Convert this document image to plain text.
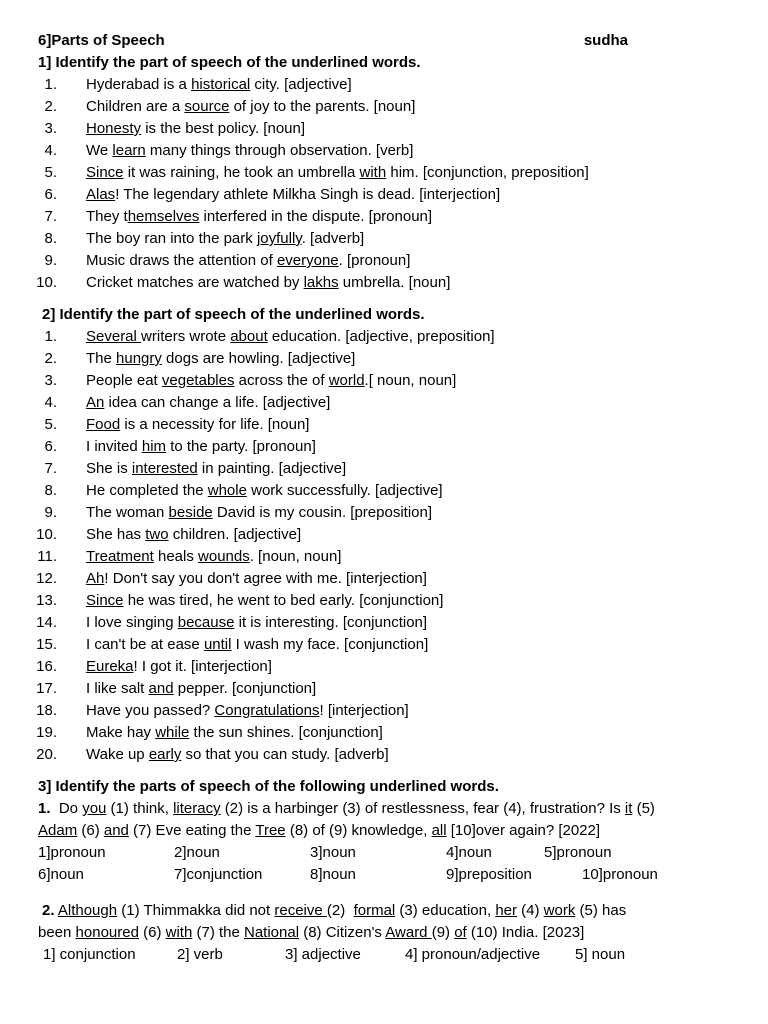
6]Parts of Speech	sudha
1] Identify the part of speech of the underlined words.
1. Hyderabad is a historical city. [adjective]
2. Children are a source of joy to the parents. [noun]
3. Honesty is the best policy. [noun]
4. We learn many things through observation. [verb]
5. Since it was raining, he took an umbrella with him. [conjunction, preposition]
6. Alas! The legendary athlete Milkha Singh is dead. [interjection]
7. They themselves interfered in the dispute. [pronoun]
8. The boy ran into the park joyfully. [adverb]
9. Music draws the attention of everyone. [pronoun]
10. Cricket matches are watched by lakhs umbrella. [noun]
2] Identify the part of speech of the underlined words.
1. Several writers wrote about education. [adjective, preposition]
2. The hungry dogs are howling. [adjective]
3. People eat vegetables across the of world.[ noun, noun]
4. An idea can change a life. [adjective]
5. Food is a necessity for life. [noun]
6. I invited him to the party. [pronoun]
7. She is interested in painting. [adjective]
8. He completed the whole work successfully. [adjective]
9. The woman beside David is my cousin. [preposition]
10. She has two children. [adjective]
11. Treatment heals wounds. [noun, noun]
12. Ah! Don't say you don't agree with me. [interjection]
13. Since he was tired, he went to bed early. [conjunction]
14. I love singing because it is interesting. [conjunction]
15. I can't be at ease until I wash my face. [conjunction]
16. Eureka! I got it. [interjection]
17. I like salt and pepper. [conjunction]
18. Have you passed? Congratulations! [interjection]
19. Make hay while the sun shines. [conjunction]
20. Wake up early so that you can study. [adverb]
3] Identify the parts of speech of the following underlined words.
1.  Do you (1) think, literacy (2) is a harbinger (3) of restlessness, fear (4), frustration? Is it (5)
Adam (6) and (7) Eve eating the Tree (8) of (9) knowledge, all [10]over again? [2022]
1]pronoun	2]noun	3]noun	4]noun	5]pronoun
6]noun	7]conjunction	8]noun	9]preposition	10]pronoun
2. Although (1) Thimmakka did not receive (2)  formal (3) education, her (4) work (5) has
been honoured (6) with (7) the National (8) Citizen's Award (9) of (10) India. [2023]
1] conjunction	2] verb	3] adjective	4] pronoun/adjective	5] noun
